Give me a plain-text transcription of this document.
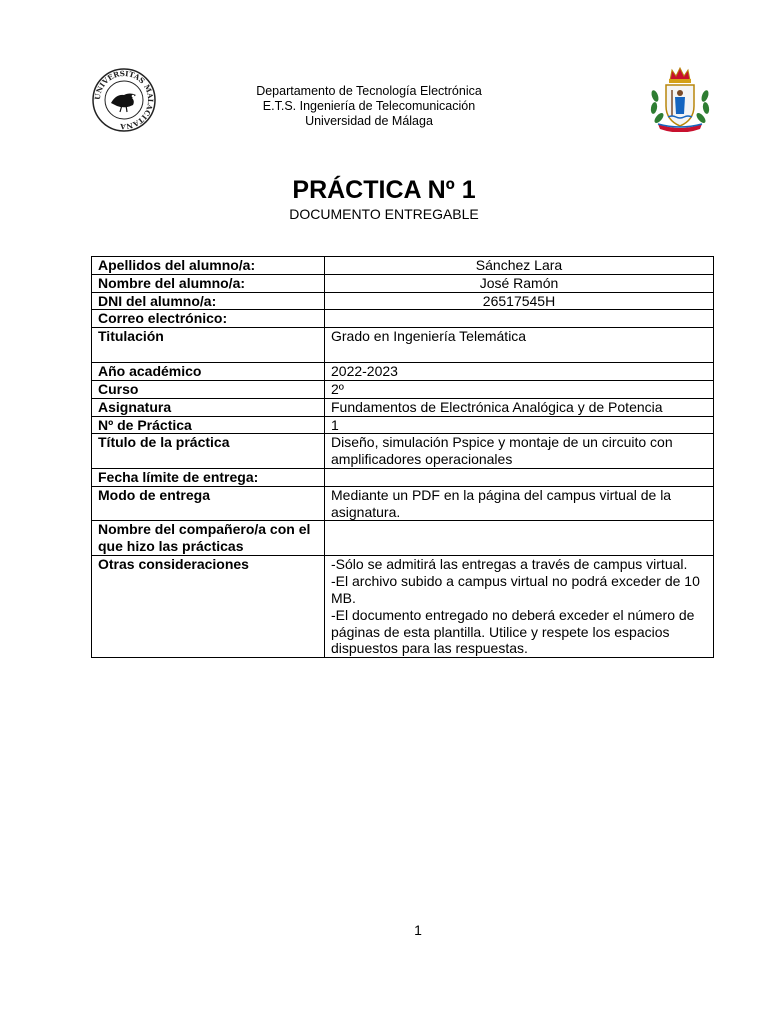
UNIVERSITAS MALACITANA
Departamento de Tecnología Electrónica
E.T.S. Ingeniería de Telecomunicación
Universidad de Málaga
PRÁCTICA Nº 1
DOCUMENTO ENTREGABLE
Apellidos del alumno/a:	Sánchez Lara
Nombre del alumno/a:	José Ramón
DNI del alumno/a:	26517545H
Correo electrónico:	
Titulación	Grado en Ingeniería Telemática
Año académico	2022-2023
Curso	2º
Asignatura	Fundamentos de Electrónica Analógica y de Potencia
Nº de Práctica	1
Título de la práctica	Diseño, simulación Pspice y montaje de un circuito con amplificadores operacionales
Fecha límite de entrega:	
Modo de entrega	Mediante un PDF en la página del campus virtual de la asignatura.
Nombre del compañero/a con el que hizo las prácticas	
Otras consideraciones	-Sólo se admitirá las entregas a través de campus virtual.
-El archivo subido a campus virtual no podrá exceder de 10 MB.
-El documento entregado no deberá exceder el número de páginas de esta plantilla. Utilice y respete los espacios dispuestos para las respuestas.
1
